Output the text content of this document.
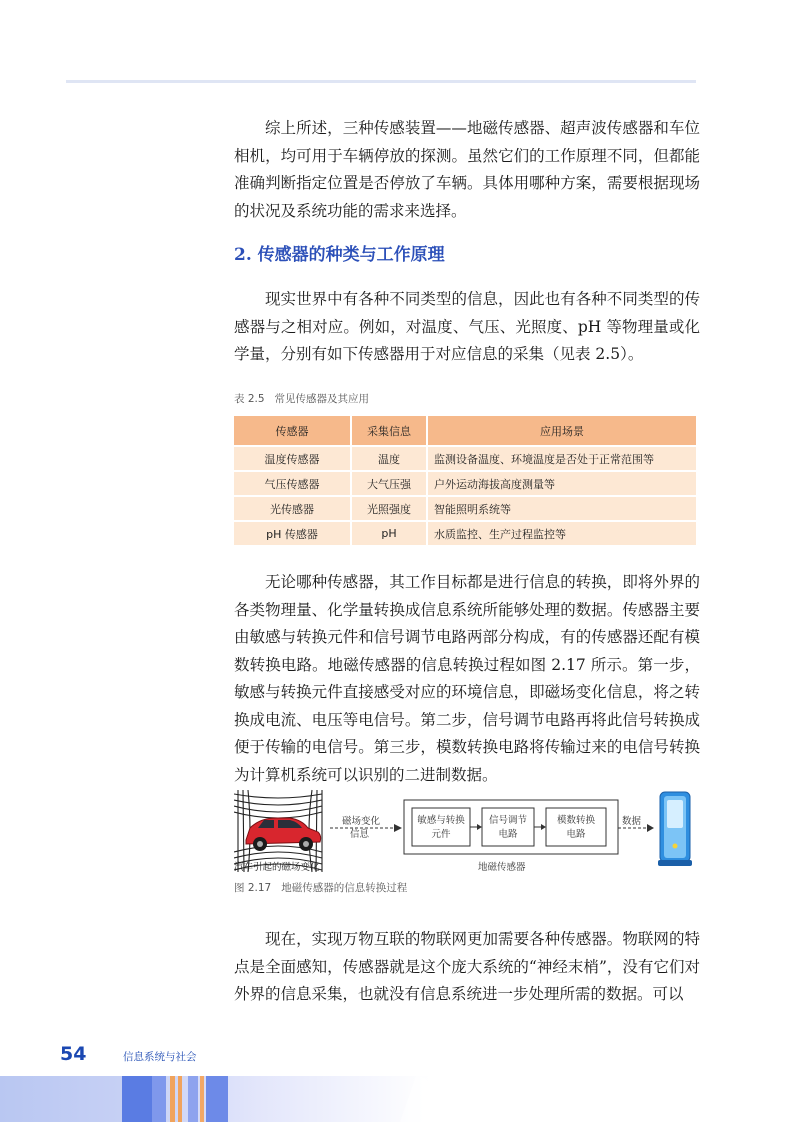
综上所述，三种传感装置——地磁传感器、超声波传感器和车位相机，均可用于车辆停放的探测。虽然它们的工作原理不同，但都能准确判断指定位置是否停放了车辆。具体用哪种方案，需要根据现场的状况及系统功能的需求来选择。

2. 传感器的种类与工作原理

现实世界中有各种不同类型的信息，因此也有各种不同类型的传感器与之相对应。例如，对温度、气压、光照度、pH 等物理量或化学量，分别有如下传感器用于对应信息的采集（见表 2.5）。

表 2.5 常见传感器及其应用

传感器	采集信息	应用场景
温度传感器	温度	监测设备温度、环境温度是否处于正常范围等
气压传感器	大气压强	户外运动海拔高度测量等
光传感器	光照强度	智能照明系统等
pH 传感器	pH	水质监控、生产过程监控等

无论哪种传感器，其工作目标都是进行信息的转换，即将外界的各类物理量、化学量转换成信息系统所能够处理的数据。传感器主要由敏感与转换元件和信号调节电路两部分构成，有的传感器还配有模数转换电路。地磁传感器的信息转换过程如图 2.17 所示。第一步，敏感与转换元件直接感受对应的环境信息，即磁场变化信息，将之转换成电流、电压等电信号。第二步，信号调节电路再将此信号转换成便于传输的电信号。第三步，模数转换电路将传输过来的电信号转换为计算机系统可以识别的二进制数据。

汽车引起的磁场变化
磁场变化
信息
地磁传感器
敏感与转换
元件
信号调节
电路
模数转换
电路
数据

图 2.17 地磁传感器的信息转换过程

现在，实现万物互联的物联网更加需要各种传感器。物联网的特点是全面感知，传感器就是这个庞大系统的“神经末梢”，没有它们对外界的信息采集，也就没有信息系统进一步处理所需的数据。可以

54	信息系统与社会
